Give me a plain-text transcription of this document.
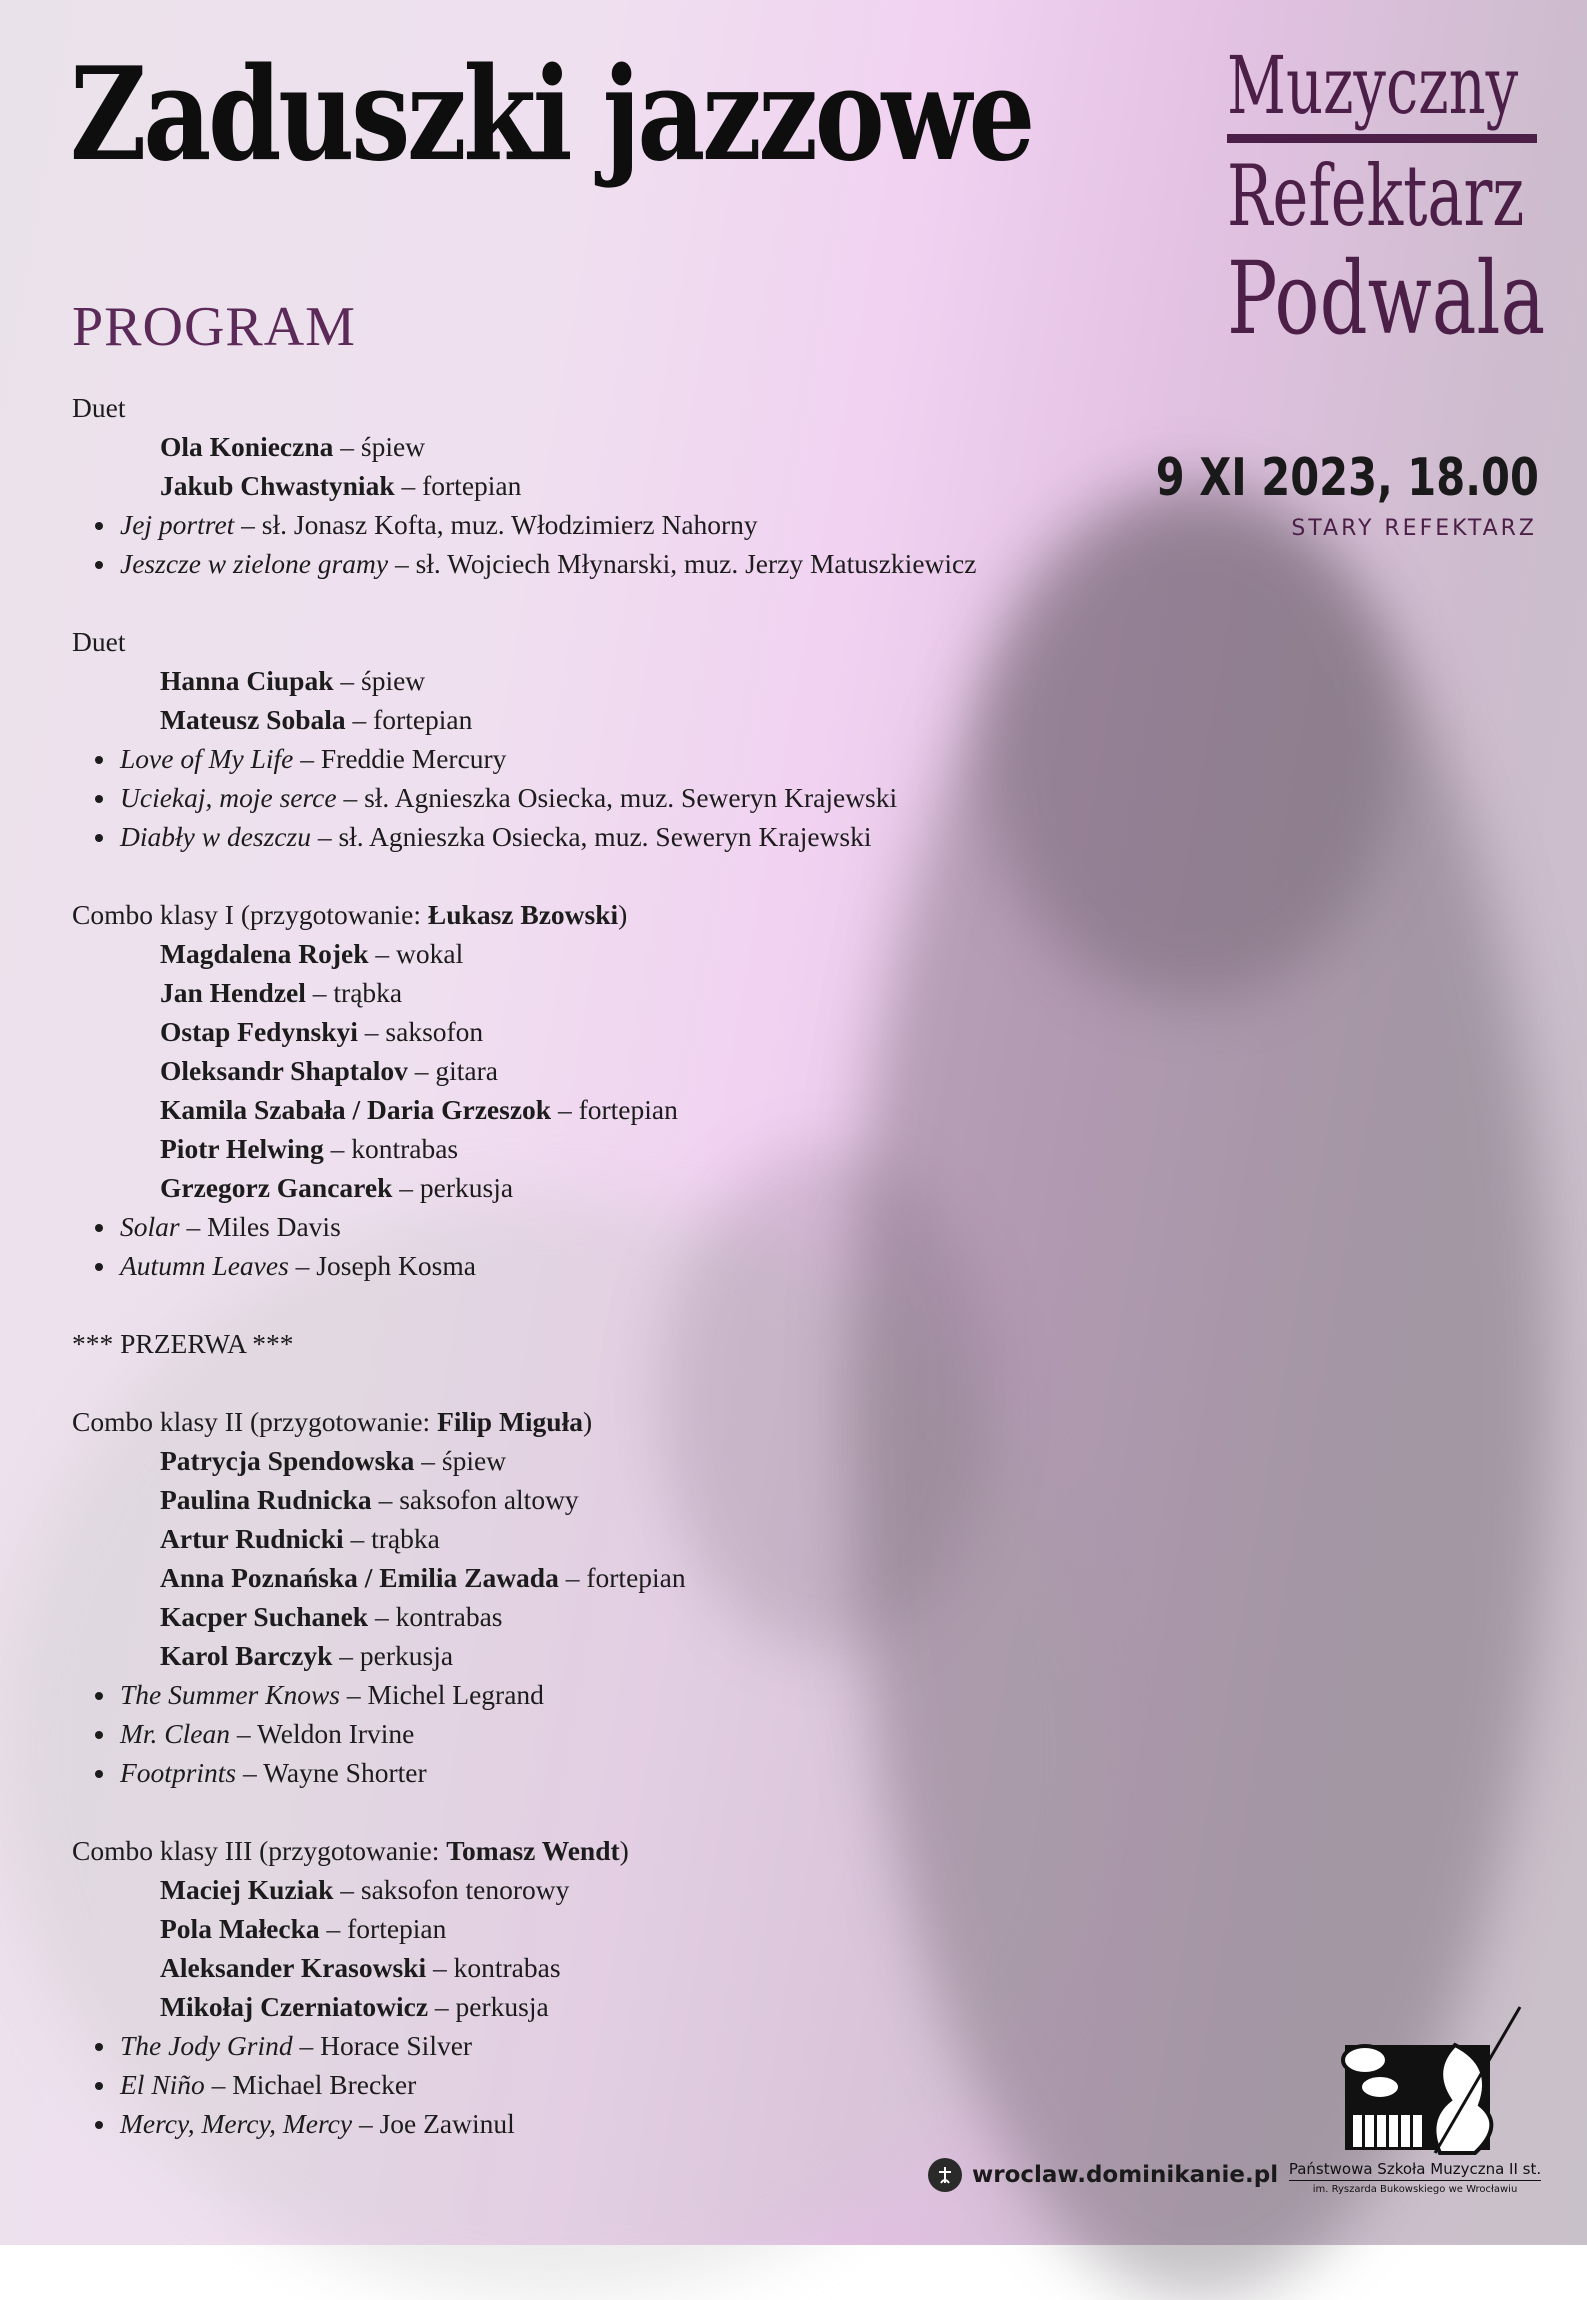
Zaduszki jazzowe
PROGRAM
Muzyczny
Refektarz
Podwala
9 XI 2023, 18.00
STARY REFEKTARZ
Duet
Ola Konieczna – śpiew
Jakub Chwastyniak – fortepian
• Jej portret – sł. Jonasz Kofta, muz. Włodzimierz Nahorny
• Jeszcze w zielone gramy – sł. Wojciech Młynarski, muz. Jerzy Matuszkiewicz
Duet
Hanna Ciupak – śpiew
Mateusz Sobala – fortepian
• Love of My Life – Freddie Mercury
• Uciekaj, moje serce – sł. Agnieszka Osiecka, muz. Seweryn Krajewski
• Diabły w deszczu – sł. Agnieszka Osiecka, muz. Seweryn Krajewski
Combo klasy I (przygotowanie: Łukasz Bzowski)
Magdalena Rojek – wokal
Jan Hendzel – trąbka
Ostap Fedynskyi – saksofon
Oleksandr Shaptalov – gitara
Kamila Szabała / Daria Grzeszok – fortepian
Piotr Helwing – kontrabas
Grzegorz Gancarek – perkusja
• Solar – Miles Davis
• Autumn Leaves – Joseph Kosma
*** PRZERWA ***
Combo klasy II (przygotowanie: Filip Miguła)
Patrycja Spendowska – śpiew
Paulina Rudnicka – saksofon altowy
Artur Rudnicki – trąbka
Anna Poznańska / Emilia Zawada – fortepian
Kacper Suchanek – kontrabas
Karol Barczyk – perkusja
• The Summer Knows – Michel Legrand
• Mr. Clean – Weldon Irvine
• Footprints – Wayne Shorter
Combo klasy III (przygotowanie: Tomasz Wendt)
Maciej Kuziak – saksofon tenorowy
Pola Małecka – fortepian
Aleksander Krasowski – kontrabas
Mikołaj Czerniatowicz – perkusja
• The Jody Grind – Horace Silver
• El Niño – Michael Brecker
• Mercy, Mercy, Mercy – Joe Zawinul
wroclaw.dominikanie.pl Państwowa Szkoła Muzyczna II st.
im. Ryszarda Bukowskiego we Wrocławiu
